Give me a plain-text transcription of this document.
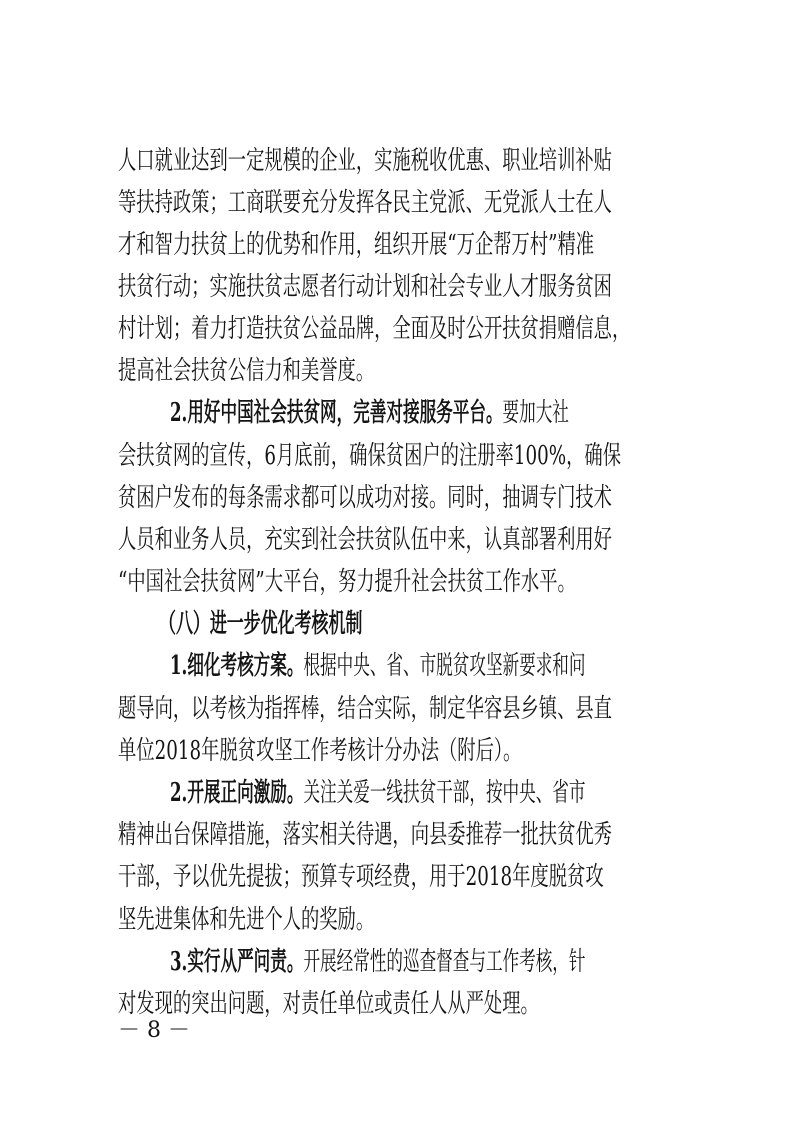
人口就业达到一定规模的企业，实施税收优惠、职业培训补贴
等扶持政策；工商联要充分发挥各民主党派、无党派人士在人
才和智力扶贫上的优势和作用，组织开展“万企帮万村”精准
扶贫行动；实施扶贫志愿者行动计划和社会专业人才服务贫困
村计划；着力打造扶贫公益品牌，全面及时公开扶贫捐赠信息，
提高社会扶贫公信力和美誉度。
2.用好中国社会扶贫网，完善对接服务平台。要加大社
会扶贫网的宣传，6月底前，确保贫困户的注册率100%，确保
贫困户发布的每条需求都可以成功对接。同时，抽调专门技术
人员和业务人员，充实到社会扶贫队伍中来，认真部署利用好
“中国社会扶贫网”大平台，努力提升社会扶贫工作水平。
（八）进一步优化考核机制
1.细化考核方案。根据中央、省、市脱贫攻坚新要求和问
题导向，以考核为指挥棒，结合实际，制定华容县乡镇、县直
单位2018年脱贫攻坚工作考核计分办法（附后）。
2.开展正向激励。关注关爱一线扶贫干部，按中央、省市
精神出台保障措施，落实相关待遇，向县委推荐一批扶贫优秀
干部，予以优先提拔；预算专项经费，用于2018年度脱贫攻
坚先进集体和先进个人的奖励。
3.实行从严问责。开展经常性的巡查督查与工作考核，针
对发现的突出问题，对责任单位或责任人从严处理。
－ 8 －
